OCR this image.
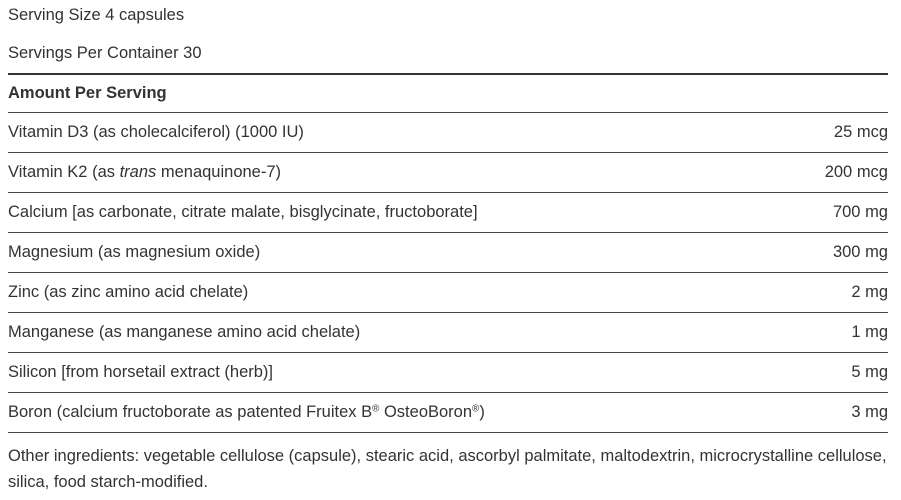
Serving Size 4 capsules
Servings Per Container 30
Amount Per Serving	
Vitamin D3 (as cholecalciferol) (1000 IU)	25 mcg
Vitamin K2 (as trans menaquinone-7)	200 mcg
Calcium [as carbonate, citrate malate, bisglycinate, fructoborate]	700 mg
Magnesium (as magnesium oxide)	300 mg
Zinc (as zinc amino acid chelate)	2 mg
Manganese (as manganese amino acid chelate)	1 mg
Silicon [from horsetail extract (herb)]	5 mg
Boron (calcium fructoborate as patented Fruitex B® OsteoBoron®)	3 mg
Other ingredients: vegetable cellulose (capsule), stearic acid, ascorbyl palmitate, maltodextrin, microcrystalline cellulose, silica, food starch-modified.
